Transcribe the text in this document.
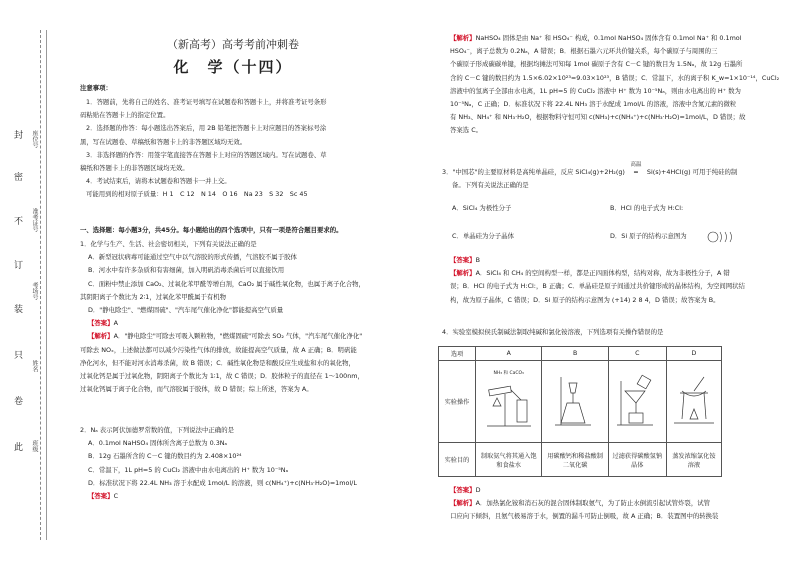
封
密
不
订
装
只
卷
此
座位号
准考证号
考场号
姓名
班级
（新高考）高考考前冲刺卷
化　学（十四）
注意事项：
1．答题前，先将自己的姓名、准考证号填写在试题卷和答题卡上，并将准考证号条形
码粘贴在答题卡上的指定位置。
2．选择题的作答：每小题选出答案后，用 2B 铅笔把答题卡上对应题目的答案标号涂
黑，写在试题卷、草稿纸和答题卡上的非答题区域均无效。
3．非选择题的作答：用签字笔直接答在答题卡上对应的答题区域内。写在试题卷、草
稿纸和答题卡上的非答题区域均无效。
4．考试结束后，请将本试题卷和答题卡一并上交。
可能用到的相对原子质量：H 1　C 12　N 14　O 16　Na 23　S 32　Sc 45
一、选择题：每小题3分，共45分。每小题给出的四个选项中，只有一项是符合题目要求的。
1．化学与生产、生活、社会密切相关，下列有关说法正确的是
A．新型冠状病毒可能通过空气中以气溶胶的形式传播，气溶胶不属于胶体
B．河水中有许多杂质和有害细菌，加入明矾消毒杀菌后可以直接饮用
C．面粉中禁止添加 CaO₂、过氧化苯甲酰等增白剂，CaO₂ 属于碱性氧化物，也属于离子化合物，
其阴阳离子个数比为 2∶1，过氧化苯甲酰属于有机物
D．"静电除尘"、"燃煤固硫"、"汽车尾气催化净化"都能提高空气质量
【答案】A
【解析】A．"静电除尘"可除去可吸入颗粒物，"燃煤固硫"可除去 SO₂ 气体，"汽车尾气催化净化"
可除去 NOₓ，上述做法都可以减少污染性气体的排放，故能提高空气质量，故 A 正确；B．明矾能
净化河水，但不能对河水消毒杀菌，故 B 错误；C．碱性氧化物是和酸反应生成盐和水的氧化物，
过氧化钙是属于过氧化物，阴阳离子个数比为 1∶1，故 C 错误；D．胶体粒子的直径在 1～100nm，
过氧化钙属于离子化合物，而气溶胶属于胶体，故 D 错误；综上所述，答案为 A。
2．Nₐ 表示阿伏加德罗常数的值，下列说法中正确的是
A．0.1mol NaHSO₄ 固体所含离子总数为 0.3Nₐ
B．12g 石墨所含的 C－C 键的数目约为 2.408×10²⁴
C．常温下，1L pH=5 的 CuCl₂ 溶液中由水电离出的 H⁺ 数为 10⁻⁵Nₐ
D．标准状况下将 22.4L NH₃ 溶于水配成 1mol/L 的溶液，则 c(NH₄⁺)+c(NH₃·H₂O)=1mol/L
【答案】C
【解析】NaHSO₄ 固体是由 Na⁺ 和 HSO₄⁻ 构成，0.1mol NaHSO₄ 固体含有 0.1mol Na⁺ 和 0.1mol
HSO₄⁻，离子总数为 0.2Nₐ，A 错误；B．根据石墨六元环共价键关系，每个碳原子与周围的三
个碳原子形成碳碳单键，根据均摊法可知每 1mol 碳原子含有 C－C 键的数目为 1.5Nₐ，故 12g 石墨所
含的 C－C 键的数目约为 1.5×6.02×10²³=9.03×10²³，B 错误；C．常温下，水的离子积 K_w=1×10⁻¹⁴，CuCl₂
溶液中的氢离子全部由水电离，1L pH=5 的 CuCl₂ 溶液中 H⁺ 数为 10⁻⁵Nₐ，则由水电离出的 H⁺ 数为
10⁻⁵Nₐ，C 正确；D．标准状况下将 22.4L NH₃ 溶于水配成 1mol/L 的溶液，溶液中含氮元素的微粒
有 NH₃、NH₄⁺ 和 NH₃·H₂O，根据物料守恒可知 c(NH₃)+c(NH₄⁺)+c(NH₃·H₂O)=1mol/L，D 错误；故
答案选 C。
3．"中国芯"的主要原材料是高纯单晶硅，反应 SiCl₄(g)+2H₂(g)
高温
═ Si(s)+4HCl(g) 可用于纯硅的制
备。下列有关说法正确的是
A．SiCl₄ 为极性分子	B．HCl 的电子式为 H:Cl:
C．单晶硅为分子晶体	D．Si 原子的结构示意图为
【答案】B
【解析】A．SiCl₄ 和 CH₄ 的空间构型一样，都是正四面体构型，结构对称，故为非极性分子，A 错
误；B．HCl 的电子式为 H:Cl:，B 正确；C．单晶硅是原子间通过共价键形成的晶体结构，为空间网状结
构，故为原子晶体，C 错误；D．Si 原子的结构示意图为 (+14) 2 8 4，D 错误；故答案为 B。
4．实验室模拟侯氏制碱法制取纯碱和氯化铵溶液，下列选项有关操作错误的是
选项	A	B	C	D
实验操作	NH₃ 和 CaCO₃

实验目的	制取氨气将其通入饱和食盐水	用碳酸钙和稀盐酸制二氧化碳	过滤获得碳酸氢钠晶体	蒸发浓缩氯化铵溶液
【答案】D
【解析】A．加热氯化铵和消石灰的混合固体制取氨气，为了防止水倒流引起试管炸裂，试管
口应向下倾斜，且氨气极易溶于水，倒置的漏斗可防止倒吸，故 A 正确；B．装置图中的转换装
